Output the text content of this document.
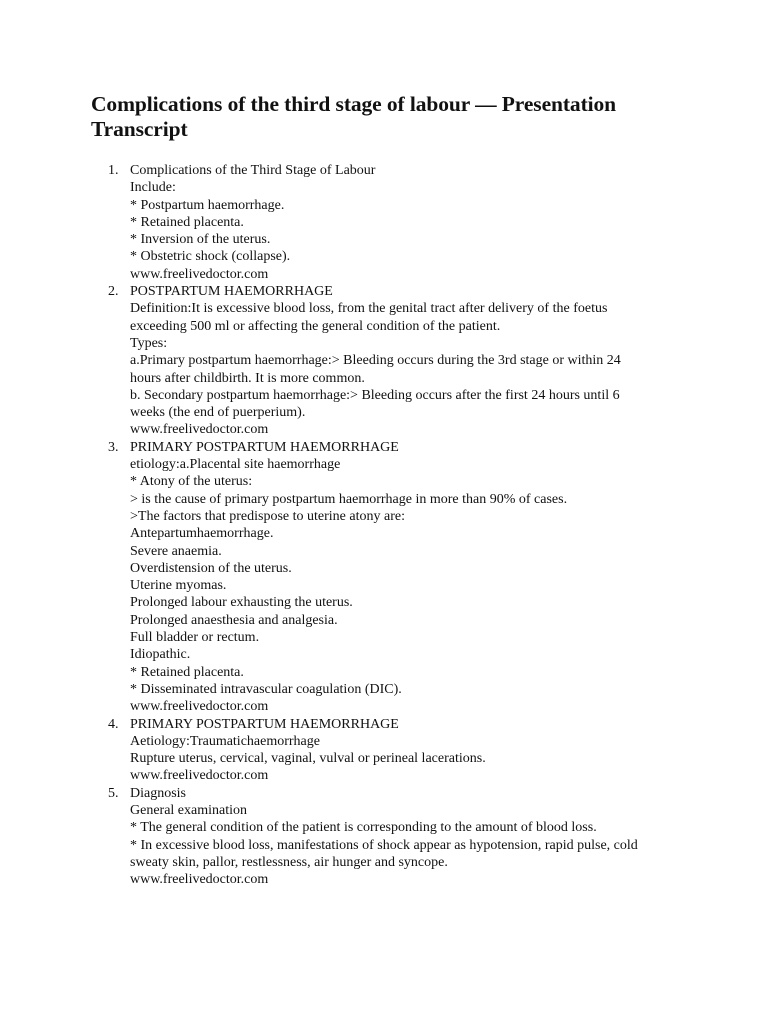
Complications of the third stage of labour — Presentation
Transcript
1. Complications of the Third Stage of Labour
Include:
* Postpartum haemorrhage.
* Retained placenta.
* Inversion of the uterus.
* Obstetric shock (collapse).
www.freelivedoctor.com
2. POSTPARTUM HAEMORRHAGE
Definition:It is excessive blood loss, from the genital tract after delivery of the foetus
exceeding 500 ml or affecting the general condition of the patient.
Types:
a.Primary postpartum haemorrhage:> Bleeding occurs during the 3rd stage or within 24
hours after childbirth. It is more common.
b. Secondary postpartum haemorrhage:> Bleeding occurs after the first 24 hours until 6
weeks (the end of puerperium).
www.freelivedoctor.com
3. PRIMARY POSTPARTUM HAEMORRHAGE
etiology:a.Placental site haemorrhage
* Atony of the uterus:
> is the cause of primary postpartum haemorrhage in more than 90% of cases.
>The factors that predispose to uterine atony are:
Antepartumhaemorrhage.
Severe anaemia.
Overdistension of the uterus.
Uterine myomas.
Prolonged labour exhausting the uterus.
Prolonged anaesthesia and analgesia.
Full bladder or rectum.
Idiopathic.
* Retained placenta.
* Disseminated intravascular coagulation (DIC).
www.freelivedoctor.com
4. PRIMARY POSTPARTUM HAEMORRHAGE
Aetiology:Traumatichaemorrhage
Rupture uterus, cervical, vaginal, vulval or perineal lacerations.
www.freelivedoctor.com
5. Diagnosis
General examination
* The general condition of the patient is corresponding to the amount of blood loss.
* In excessive blood loss, manifestations of shock appear as hypotension, rapid pulse, cold
sweaty skin, pallor, restlessness, air hunger and syncope.
www.freelivedoctor.com
